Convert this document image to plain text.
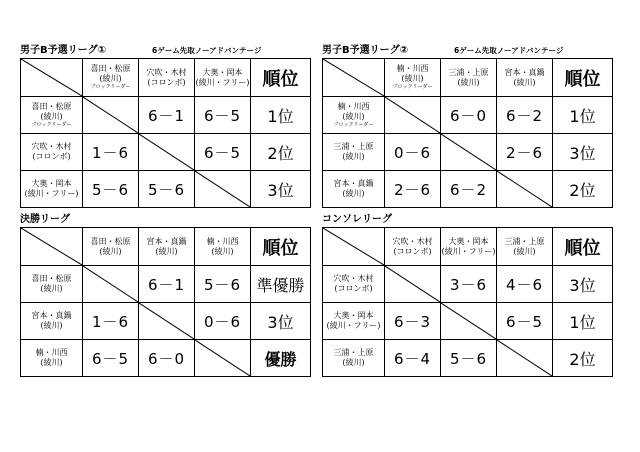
男子B予選リーグ①	6ゲーム先取ノーアドバンテージ
	喜田・松原
(綾川)
ブロックリーダー	穴吹・木村
(コロンボ)	大奥・岡本
(綾川・フリー)	順位
喜田・松原
(綾川)
ブロックリーダー		6－1	6－5	1位
穴吹・木村
(コロンボ)	1－6		6－5	2位
大奥・岡本
(綾川・フリー)	5－6	5－6		3位
男子B予選リーグ②	6ゲーム先取ノーアドバンテージ
	楠・川西
(綾川)
ブロックリーダー	三浦・上原
(綾川)	宮本・真鍋
(綾川)	順位
楠・川西
(綾川)
ブロックリーダー		6－0	6－2	1位
三浦・上原
(綾川)	0－6		2－6	3位
宮本・真鍋
(綾川)	2－6	6－2		2位
決勝リーグ
	喜田・松原
(綾川)	宮本・真鍋
(綾川)	楠・川西
(綾川)	順位
喜田・松原
(綾川)		6－1	5－6	準優勝
宮本・真鍋
(綾川)	1－6		0－6	3位
楠・川西
(綾川)	6－5	6－0		優勝
コンソレリーグ
	穴吹・木村
(コロンボ)	大奥・岡本
(綾川・フリー)	三浦・上原
(綾川)	順位
穴吹・木村
(コロンボ)		3－6	4－6	3位
大奥・岡本
(綾川・フリー)	6－3		6－5	1位
三浦・上原
(綾川)	6－4	5－6		2位
